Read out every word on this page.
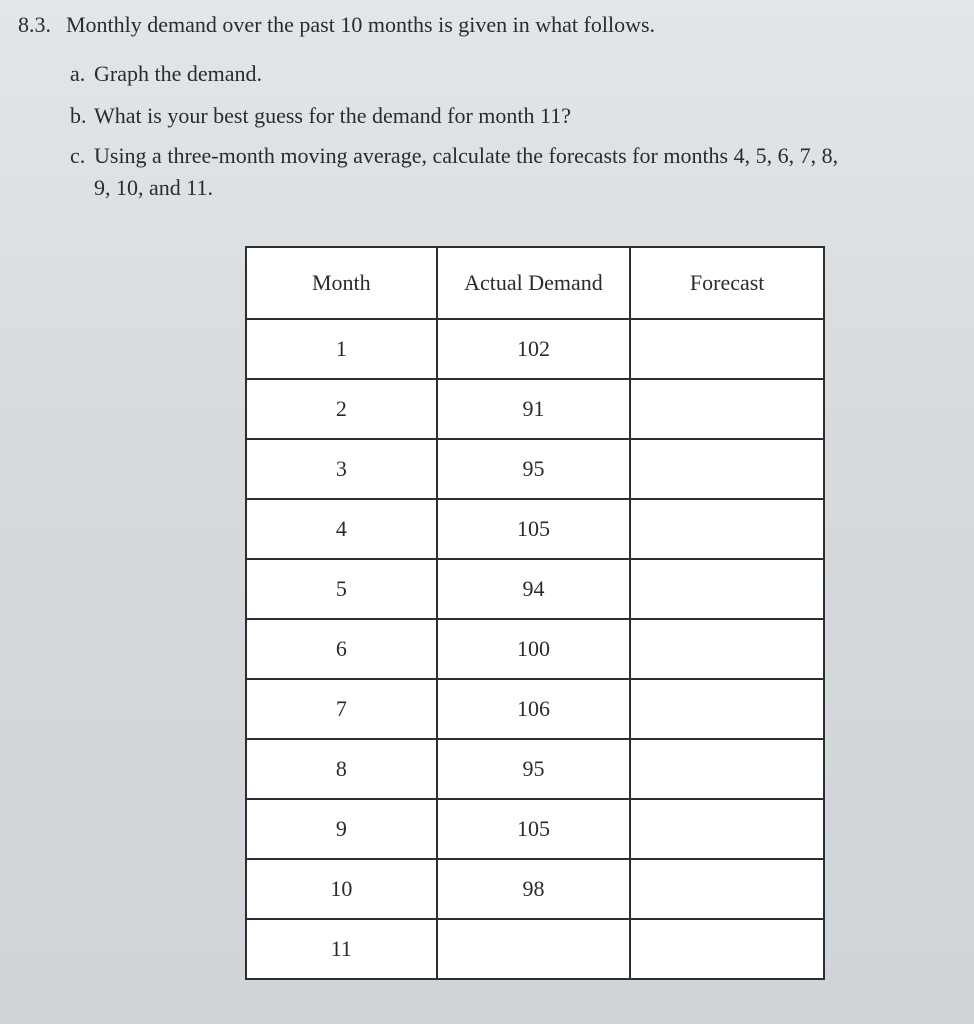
8.3. Monthly demand over the past 10 months is given in what follows.
a. Graph the demand.
b. What is your best guess for the demand for month 11?
c. Using a three-month moving average, calculate the forecasts for months 4, 5, 6, 7, 8,
9, 10, and 11.
Month	Actual Demand	Forecast
1	102	
2	91	
3	95	
4	105	
5	94	
6	100	
7	106	
8	95	
9	105	
10	98	
11		
